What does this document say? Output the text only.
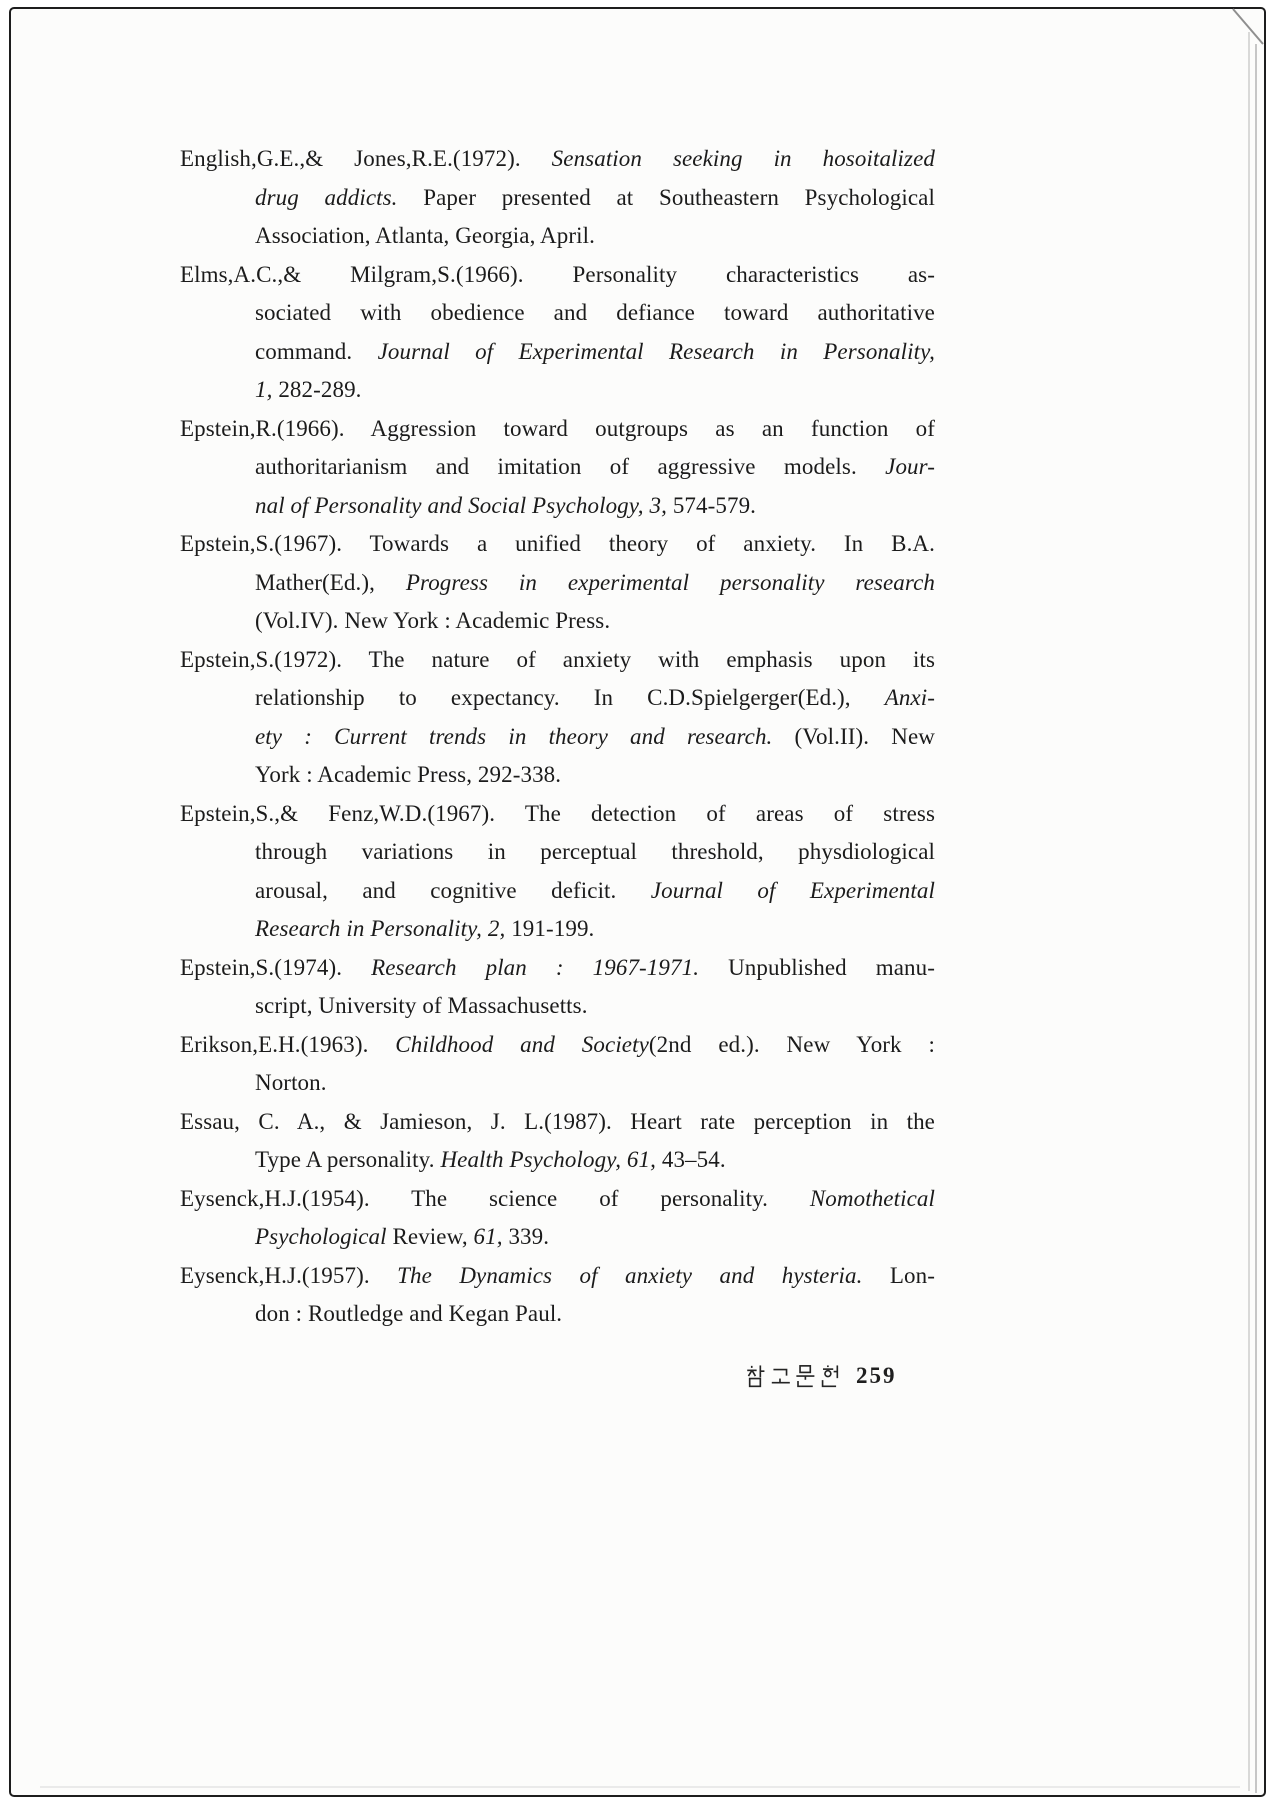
English,G.E.,& Jones,R.E.(1972). Sensation seeking in hosoitalized
drug addicts. Paper presented at Southeastern Psychological
Association, Atlanta, Georgia, April.
Elms,A.C.,& Milgram,S.(1966). Personality characteristics as-
sociated with obedience and defiance toward authoritative
command. Journal of Experimental Research in Personality,
1, 282-289.
Epstein,R.(1966). Aggression toward outgroups as an function of
authoritarianism and imitation of aggressive models. Jour-
nal of Personality and Social Psychology, 3, 574-579.
Epstein,S.(1967). Towards a unified theory of anxiety. In B.A.
Mather(Ed.), Progress in experimental personality research
(Vol.IV). New York : Academic Press.
Epstein,S.(1972). The nature of anxiety with emphasis upon its
relationship to expectancy. In C.D.Spielgerger(Ed.), Anxi-
ety : Current trends in theory and research. (Vol.II). New
York : Academic Press, 292-338.
Epstein,S.,& Fenz,W.D.(1967). The detection of areas of stress
through variations in perceptual threshold, physdiological
arousal, and cognitive deficit. Journal of Experimental
Research in Personality, 2, 191-199.
Epstein,S.(1974). Research plan : 1967-1971. Unpublished manu-
script, University of Massachusetts.
Erikson,E.H.(1963). Childhood and Society(2nd ed.). New York :
Norton.
Essau, C. A., & Jamieson, J. L.(1987). Heart rate perception in the
Type A personality. Health Psychology, 61, 43–54.
Eysenck,H.J.(1954). The science of personality. Nomothetical
Psychological Review, 61, 339.
Eysenck,H.J.(1957). The Dynamics of anxiety and hysteria. Lon-
don : Routledge and Kegan Paul.
259
